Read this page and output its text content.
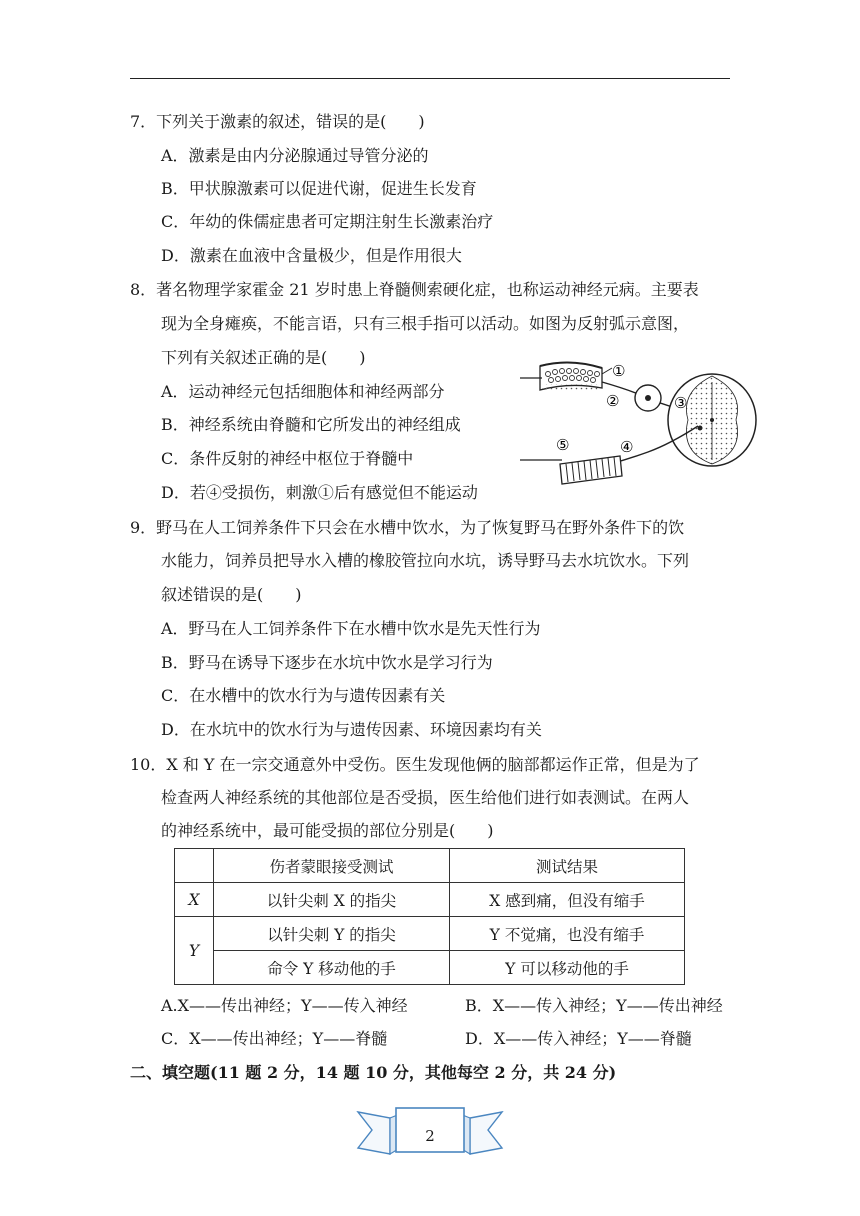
7．下列关于激素的叙述，错误的是(　　)
A．激素是由内分泌腺通过导管分泌的
B．甲状腺激素可以促进代谢，促进生长发育
C．年幼的侏儒症患者可定期注射生长激素治疗
D．激素在血液中含量极少，但是作用很大
8．著名物理学家霍金 21 岁时患上脊髓侧索硬化症，也称运动神经元病。主要表
现为全身瘫痪，不能言语，只有三根手指可以活动。如图为反射弧示意图，
下列有关叙述正确的是(　　)
A．运动神经元包括细胞体和神经两部分
B．神经系统由脊髓和它所发出的神经组成
C．条件反射的神经中枢位于脊髓中
D．若④受损伤，刺激①后有感觉但不能运动
①
②	③
④
⑤
9．野马在人工饲养条件下只会在水槽中饮水，为了恢复野马在野外条件下的饮
水能力，饲养员把导水入槽的橡胶管拉向水坑，诱导野马去水坑饮水。下列
叙述错误的是(　　)
A．野马在人工饲养条件下在水槽中饮水是先天性行为
B．野马在诱导下逐步在水坑中饮水是学习行为
C．在水槽中的饮水行为与遗传因素有关
D．在水坑中的饮水行为与遗传因素、环境因素均有关
10．X 和 Y 在一宗交通意外中受伤。医生发现他俩的脑部都运作正常，但是为了
检查两人神经系统的其他部位是否受损，医生给他们进行如表测试。在两人
的神经系统中，最可能受损的部位分别是(　　)
	伤者蒙眼接受测试	测试结果
X	以针尖刺 X 的指尖	X 感到痛，但没有缩手
Y	以针尖刺 Y 的指尖	Y 不觉痛，也没有缩手
	命令 Y 移动他的手	Y 可以移动他的手
A.X——传出神经；Y——传入神经	B．X——传入神经；Y——传出神经
C．X——传出神经；Y——脊髓	D．X——传入神经；Y——脊髓
二、填空题(11 题 2 分，14 题 10 分，其他每空 2 分，共 24 分)
2
